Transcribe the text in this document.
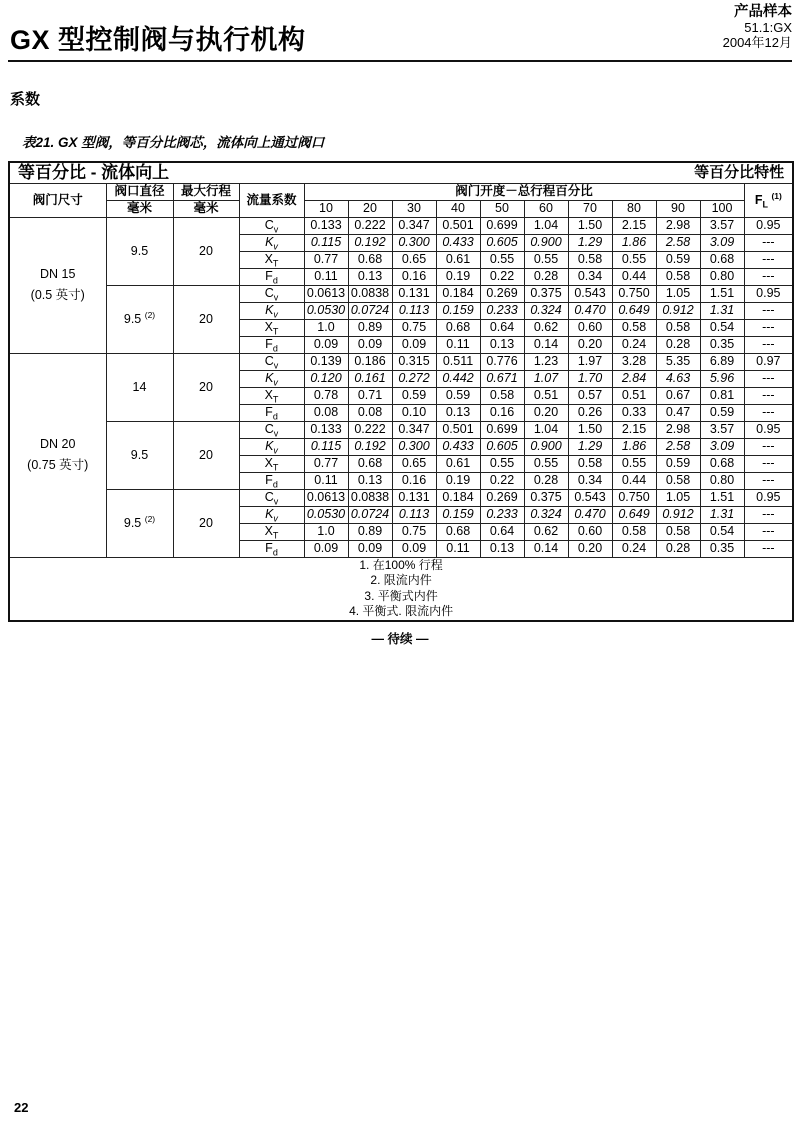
产品样本
51.1:GX
2004年12月
GX 型控制阀与执行机构
系数
表21. GX 型阀，等百分比阀芯，流体向上通过阀口
等百分比 - 流体向上 等百分比特性														

阀门尺寸	阀口直径	最大行程	流量系数	阀门开度－总行程百分比										$F_L$ $^{(1)}$
	毫米	毫米		10	20	30	40	50	60	70	80	90	100	

DN 15
(0.5 英寸)	9.5	20	$C_v$	0.133	0.222	0.347	0.501	0.699	1.04	1.50	2.15	2.98	3.57	0.95
			$K_v$	0.115	0.192	0.300	0.433	0.605	0.900	1.29	1.86	2.58	3.09	---
			$X_T$	0.77	0.68	0.65	0.61	0.55	0.55	0.58	0.55	0.59	0.68	---
			$F_d$	0.11	0.13	0.16	0.19	0.22	0.28	0.34	0.44	0.58	0.80	---
	9.5 $^{(2)}$	20	$C_v$	0.0613	0.0838	0.131	0.184	0.269	0.375	0.543	0.750	1.05	1.51	0.95
			$K_v$	0.0530	0.0724	0.113	0.159	0.233	0.324	0.470	0.649	0.912	1.31	---
			$X_T$	1.0	0.89	0.75	0.68	0.64	0.62	0.60	0.58	0.58	0.54	---
			$F_d$	0.09	0.09	0.09	0.11	0.13	0.14	0.20	0.24	0.28	0.35	---

DN 20
(0.75 英寸)	14	20	$C_v$	0.139	0.186	0.315	0.511	0.776	1.23	1.97	3.28	5.35	6.89	0.97
			$K_v$	0.120	0.161	0.272	0.442	0.671	1.07	1.70	2.84	4.63	5.96	---
			$X_T$	0.78	0.71	0.59	0.59	0.58	0.51	0.57	0.51	0.67	0.81	---
			$F_d$	0.08	0.08	0.10	0.13	0.16	0.20	0.26	0.33	0.47	0.59	---
	9.5	20	$C_v$	0.133	0.222	0.347	0.501	0.699	1.04	1.50	2.15	2.98	3.57	0.95
			$K_v$	0.115	0.192	0.300	0.433	0.605	0.900	1.29	1.86	2.58	3.09	---
			$X_T$	0.77	0.68	0.65	0.61	0.55	0.55	0.58	0.55	0.59	0.68	---
			$F_d$	0.11	0.13	0.16	0.19	0.22	0.28	0.34	0.44	0.58	0.80	---
	9.5 $^{(2)}$	20	$C_v$	0.0613	0.0838	0.131	0.184	0.269	0.375	0.543	0.750	1.05	1.51	0.95
			$K_v$	0.0530	0.0724	0.113	0.159	0.233	0.324	0.470	0.649	0.912	1.31	---
			$X_T$	1.0	0.89	0.75	0.68	0.64	0.62	0.60	0.58	0.58	0.54	---
			$F_d$	0.09	0.09	0.09	0.11	0.13	0.14	0.20	0.24	0.28	0.35	---

1. 在100% 行程
2. 限流内件
3. 平衡式内件
4. 平衡式. 限流内件														
— 待续 —
22
